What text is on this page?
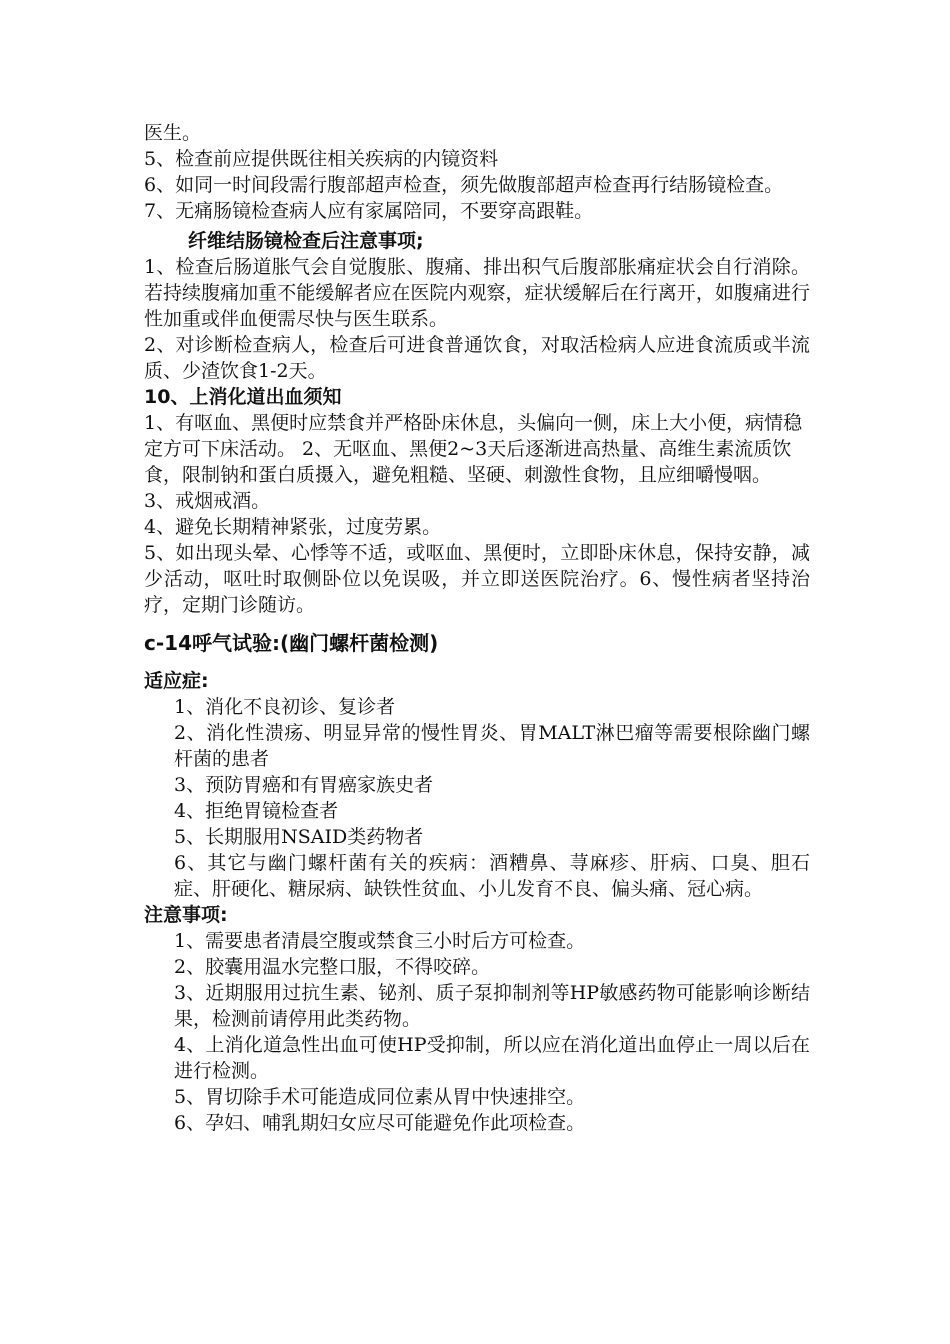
医生。

5、检查前应提供既往相关疾病的内镜资料

6、如同一时间段需行腹部超声检查，须先做腹部超声检查再行结肠镜检查。

7、无痛肠镜检查病人应有家属陪同，不要穿高跟鞋。

纤维结肠镜检查后注意事项;

1、检查后肠道胀气会自觉腹胀、腹痛、排出积气后腹部胀痛症状会自行消除。若持续腹痛加重不能缓解者应在医院内观察，症状缓解后在行离开，如腹痛进行性加重或伴血便需尽快与医生联系。

2、对诊断检查病人，检查后可进食普通饮食，对取活检病人应进食流质或半流质、少渣饮食1-2天。

10、上消化道出血须知

1、有呕血、黑便时应禁食并严格卧床休息，头偏向一侧，床上大小便，病情稳定方可下床活动。 2、无呕血、黑便2~3天后逐渐进高热量、高维生素流质饮食，限制钠和蛋白质摄入，避免粗糙、坚硬、刺激性食物，且应细嚼慢咽。

3、戒烟戒酒。

4、避免长期精神紧张，过度劳累。

5、如出现头晕、心悸等不适，或呕血、黑便时，立即卧床休息，保持安静，减少活动，呕吐时取侧卧位以免误吸，并立即送医院治疗。6、慢性病者坚持治疗，定期门诊随访。

c-14呼气试验:(幽门螺杆菌检测)

适应症:

1、消化不良初诊、复诊者

2、消化性溃疡、明显异常的慢性胃炎、胃MALT淋巴瘤等需要根除幽门螺杆菌的患者

3、预防胃癌和有胃癌家族史者

4、拒绝胃镜检查者

5、长期服用NSAID类药物者

6、其它与幽门螺杆菌有关的疾病：酒糟鼻、荨麻疹、肝病、口臭、胆石症、肝硬化、糖尿病、缺铁性贫血、小儿发育不良、偏头痛、冠心病。

注意事项:

1、需要患者清晨空腹或禁食三小时后方可检查。

2、胶囊用温水完整口服，不得咬碎。

3、近期服用过抗生素、铋剂、质子泵抑制剂等HP敏感药物可能影响诊断结果，检测前请停用此类药物。

4、上消化道急性出血可使HP受抑制，所以应在消化道出血停止一周以后在进行检测。

5、胃切除手术可能造成同位素从胃中快速排空。

6、孕妇、哺乳期妇女应尽可能避免作此项检查。
